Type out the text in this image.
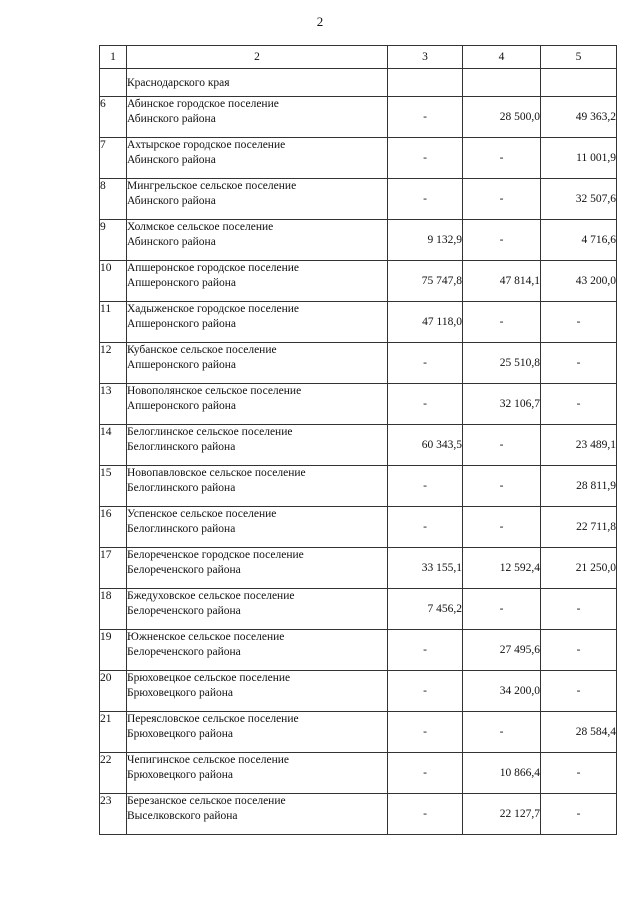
2
1	2	3	4	5
	Краснодарского края			
6	Абинское городское поселение
Абинского района	-	28 500,0	49 363,2
7	Ахтырское городское поселение
Абинского района	-	-	11 001,9
8	Мингрельское сельское поселение
Абинского района	-	-	32 507,6
9	Холмское сельское поселение
Абинского района	9 132,9	-	4 716,6
10	Апшеронское городское поселение
Апшеронского района	75 747,8	47 814,1	43 200,0
11	Хадыженское городское поселение
Апшеронского района	47 118,0	-	-
12	Кубанское сельское поселение
Апшеронского района	-	25 510,8	-
13	Новополянское сельское поселение
Апшеронского района	-	32 106,7	-
14	Белоглинское сельское поселение
Белоглинского района	60 343,5	-	23 489,1
15	Новопавловское сельское поселение
Белоглинского района	-	-	28 811,9
16	Успенское сельское поселение
Белоглинского района	-	-	22 711,8
17	Белореченское городское поселение
Белореченского района	33 155,1	12 592,4	21 250,0
18	Бжедуховское сельское поселение
Белореченского района	7 456,2	-	-
19	Южненское сельское поселение
Белореченского района	-	27 495,6	-
20	Брюховецкое сельское поселение
Брюховецкого района	-	34 200,0	-
21	Переясловское сельское поселение
Брюховецкого района	-	-	28 584,4
22	Чепигинское сельское поселение
Брюховецкого района	-	10 866,4	-
23	Березанское сельское поселение
Выселковского района	-	22 127,7	-
